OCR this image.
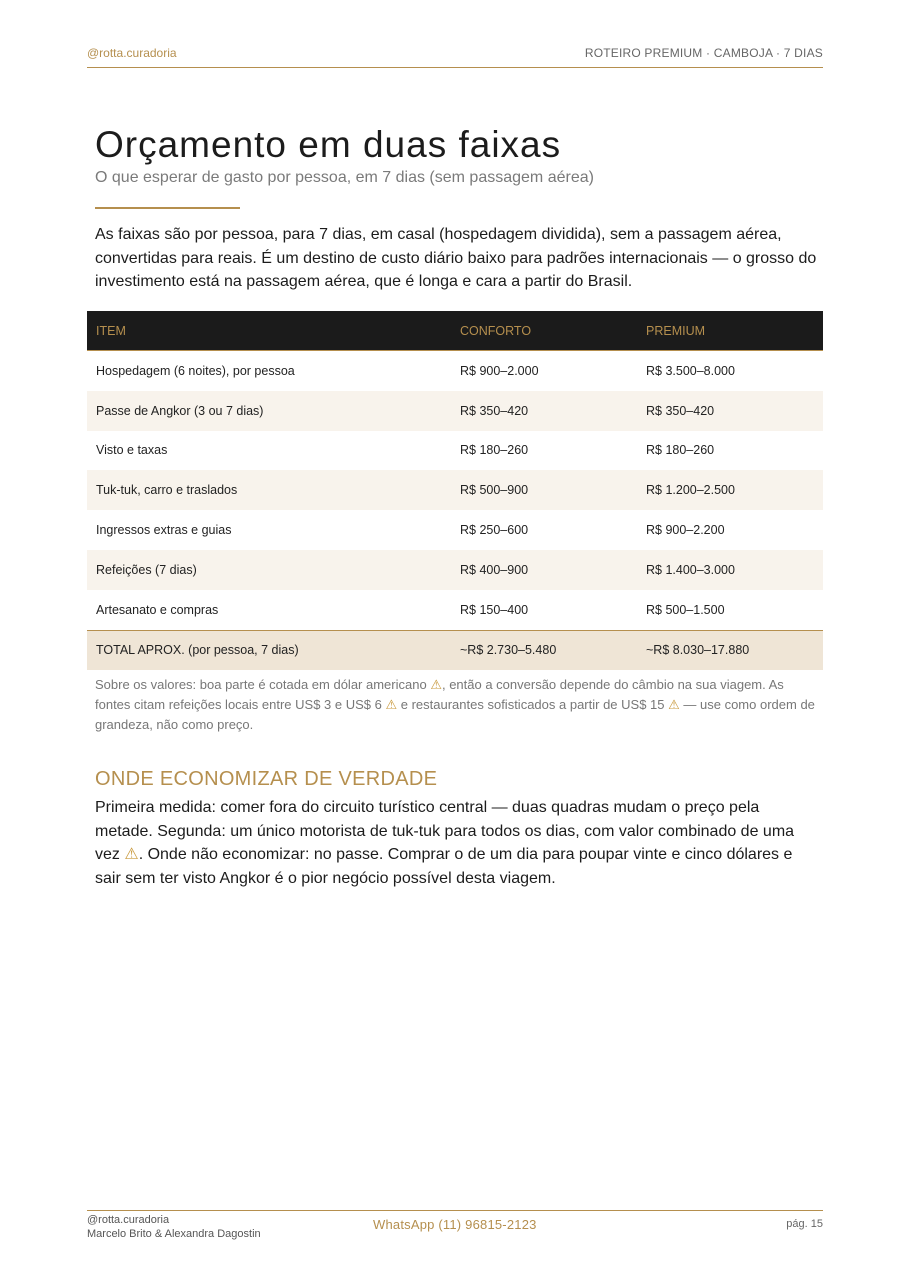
@rotta.curadoria	ROTEIRO PREMIUM · CAMBOJA · 7 DIAS
Orçamento em duas faixas
O que esperar de gasto por pessoa, em 7 dias (sem passagem aérea)

As faixas são por pessoa, para 7 dias, em casal (hospedagem dividida), sem a passagem aérea, convertidas para reais. É um destino de custo diário baixo para padrões internacionais — o grosso do investimento está na passagem aérea, que é longa e cara a partir do Brasil.

ITEM	CONFORTO	PREMIUM
Hospedagem (6 noites), por pessoa	R$ 900–2.000	R$ 3.500–8.000
Passe de Angkor (3 ou 7 dias)	R$ 350–420	R$ 350–420
Visto e taxas	R$ 180–260	R$ 180–260
Tuk-tuk, carro e traslados	R$ 500–900	R$ 1.200–2.500
Ingressos extras e guias	R$ 250–600	R$ 900–2.200
Refeições (7 dias)	R$ 400–900	R$ 1.400–3.000
Artesanato e compras	R$ 150–400	R$ 500–1.500
TOTAL APROX. (por pessoa, 7 dias)	~R$ 2.730–5.480	~R$ 8.030–17.880

Sobre os valores: boa parte é cotada em dólar americano ⚠, então a conversão depende do câmbio na sua viagem. As fontes citam refeições locais entre US$ 3 e US$ 6 ⚠ e restaurantes sofisticados a partir de US$ 15 ⚠ — use como ordem de grandeza, não como preço.

ONDE ECONOMIZAR DE VERDADE

Primeira medida: comer fora do circuito turístico central — duas quadras mudam o preço pela metade. Segunda: um único motorista de tuk-tuk para todos os dias, com valor combinado de uma vez ⚠. Onde não economizar: no passe. Comprar o de um dia para poupar vinte e cinco dólares e sair sem ter visto Angkor é o pior negócio possível desta viagem.

@rotta.curadoria
Marcelo Brito & Alexandra Dagostin
WhatsApp (11) 96815-2123	pág. 15
